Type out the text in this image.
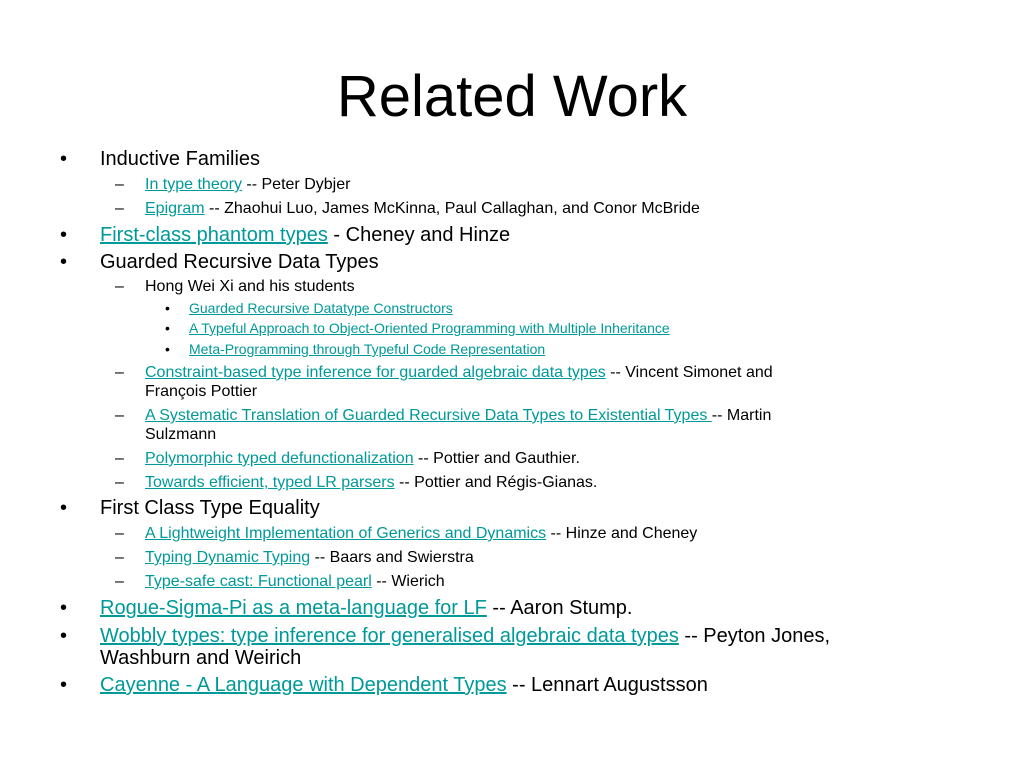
Related Work
• Inductive Families
– In type theory -- Peter Dybjer
– Epigram -- Zhaohui Luo, James McKinna, Paul Callaghan, and Conor McBride
• First-class phantom types - Cheney and Hinze
• Guarded Recursive Data Types
– Hong Wei Xi and his students
• Guarded Recursive Datatype Constructors
• A Typeful Approach to Object-Oriented Programming with Multiple Inheritance
• Meta-Programming through Typeful Code Representation
– Constraint-based type inference for guarded algebraic data types -- Vincent Simonet and
François Pottier
– A Systematic Translation of Guarded Recursive Data Types to Existential Types -- Martin
Sulzmann
– Polymorphic typed defunctionalization -- Pottier and Gauthier.
– Towards efficient, typed LR parsers -- Pottier and Régis-Gianas.
• First Class Type Equality
– A Lightweight Implementation of Generics and Dynamics -- Hinze and Cheney
– Typing Dynamic Typing -- Baars and Swierstra
– Type-safe cast: Functional pearl -- Wierich
• Rogue-Sigma-Pi as a meta-language for LF -- Aaron Stump.
• Wobbly types: type inference for generalised algebraic data types -- Peyton Jones,
Washburn and Weirich
• Cayenne - A Language with Dependent Types -- Lennart Augustsson
